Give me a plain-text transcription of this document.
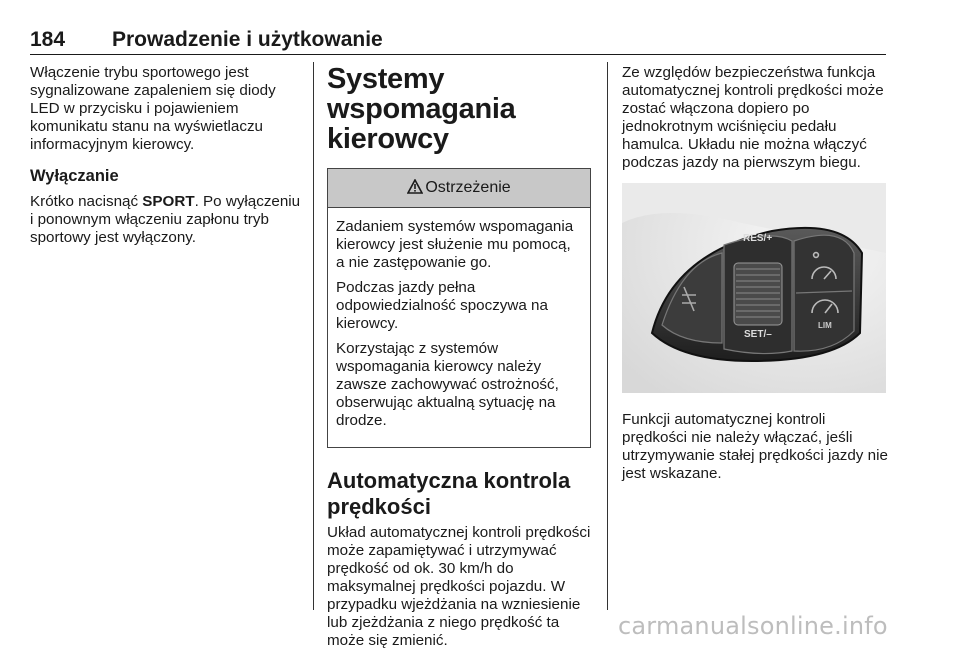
184 Prowadzenie i użytkowanie

Włączenie trybu sportowego jest sygnalizowane zapaleniem się diody LED w przycisku i pojawieniem komunikatu stanu na wyświetlaczu informacyjnym kierowcy.

Wyłączanie

Krótko nacisnąć SPORT. Po wyłączeniu i ponownym włączeniu zapłonu tryb sportowy jest wyłączony.

Systemy wspomagania kierowcy
Ostrzeżenie

Zadaniem systemów wspomagania kierowcy jest służenie mu pomocą, a nie zastępowanie go.

Podczas jazdy pełna odpowiedzialność spoczywa na kierowcy.

Korzystając z systemów wspomagania kierowcy należy zawsze zachowywać ostrożność, obserwując aktualną sytuację na drodze.

Automatyczna kontrola prędkości

Układ automatycznej kontroli prędkości może zapamiętywać i utrzymywać prędkość od ok. 30 km/h do maksymalnej prędkości pojazdu. W przypadku wjeżdżania na wzniesienie lub zjeżdżania z niego prędkość ta może się zmienić.

Ze względów bezpieczeństwa funkcja automatycznej kontroli prędkości może zostać włączona dopiero po jednokrotnym wciśnięciu pedału hamulca. Układu nie można włączyć podczas jazdy na pierwszym biegu.

RES/+
SET/–
LIM

Funkcji automatycznej kontroli prędkości nie należy włączać, jeśli utrzymywanie stałej prędkości jazdy nie jest wskazane.

carmanualsonline.info
